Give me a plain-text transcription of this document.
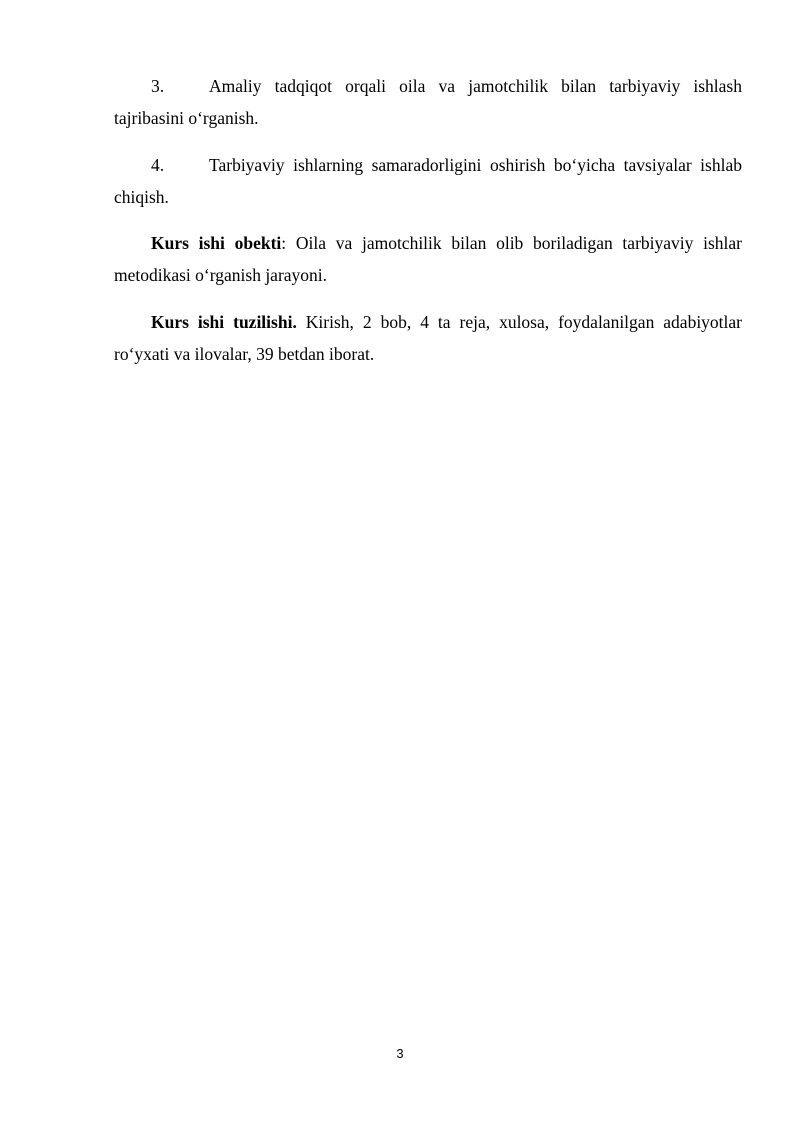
3.	Amaliy tadqiqot orqali oila va jamotchilik bilan tarbiyaviy ishlash tajribasini o‘rganish.
4.	Tarbiyaviy ishlarning samaradorligini oshirish bo‘yicha tavsiyalar ishlab chiqish.
Kurs ishi obekti: Oila va jamotchilik bilan olib boriladigan tarbiyaviy ishlar metodikasi o‘rganish jarayoni.
Kurs ishi tuzilishi. Kirish, 2 bob, 4 ta reja, xulosa, foydalanilgan adabiyotlar ro‘yxati va ilovalar, 39 betdan iborat.
3
